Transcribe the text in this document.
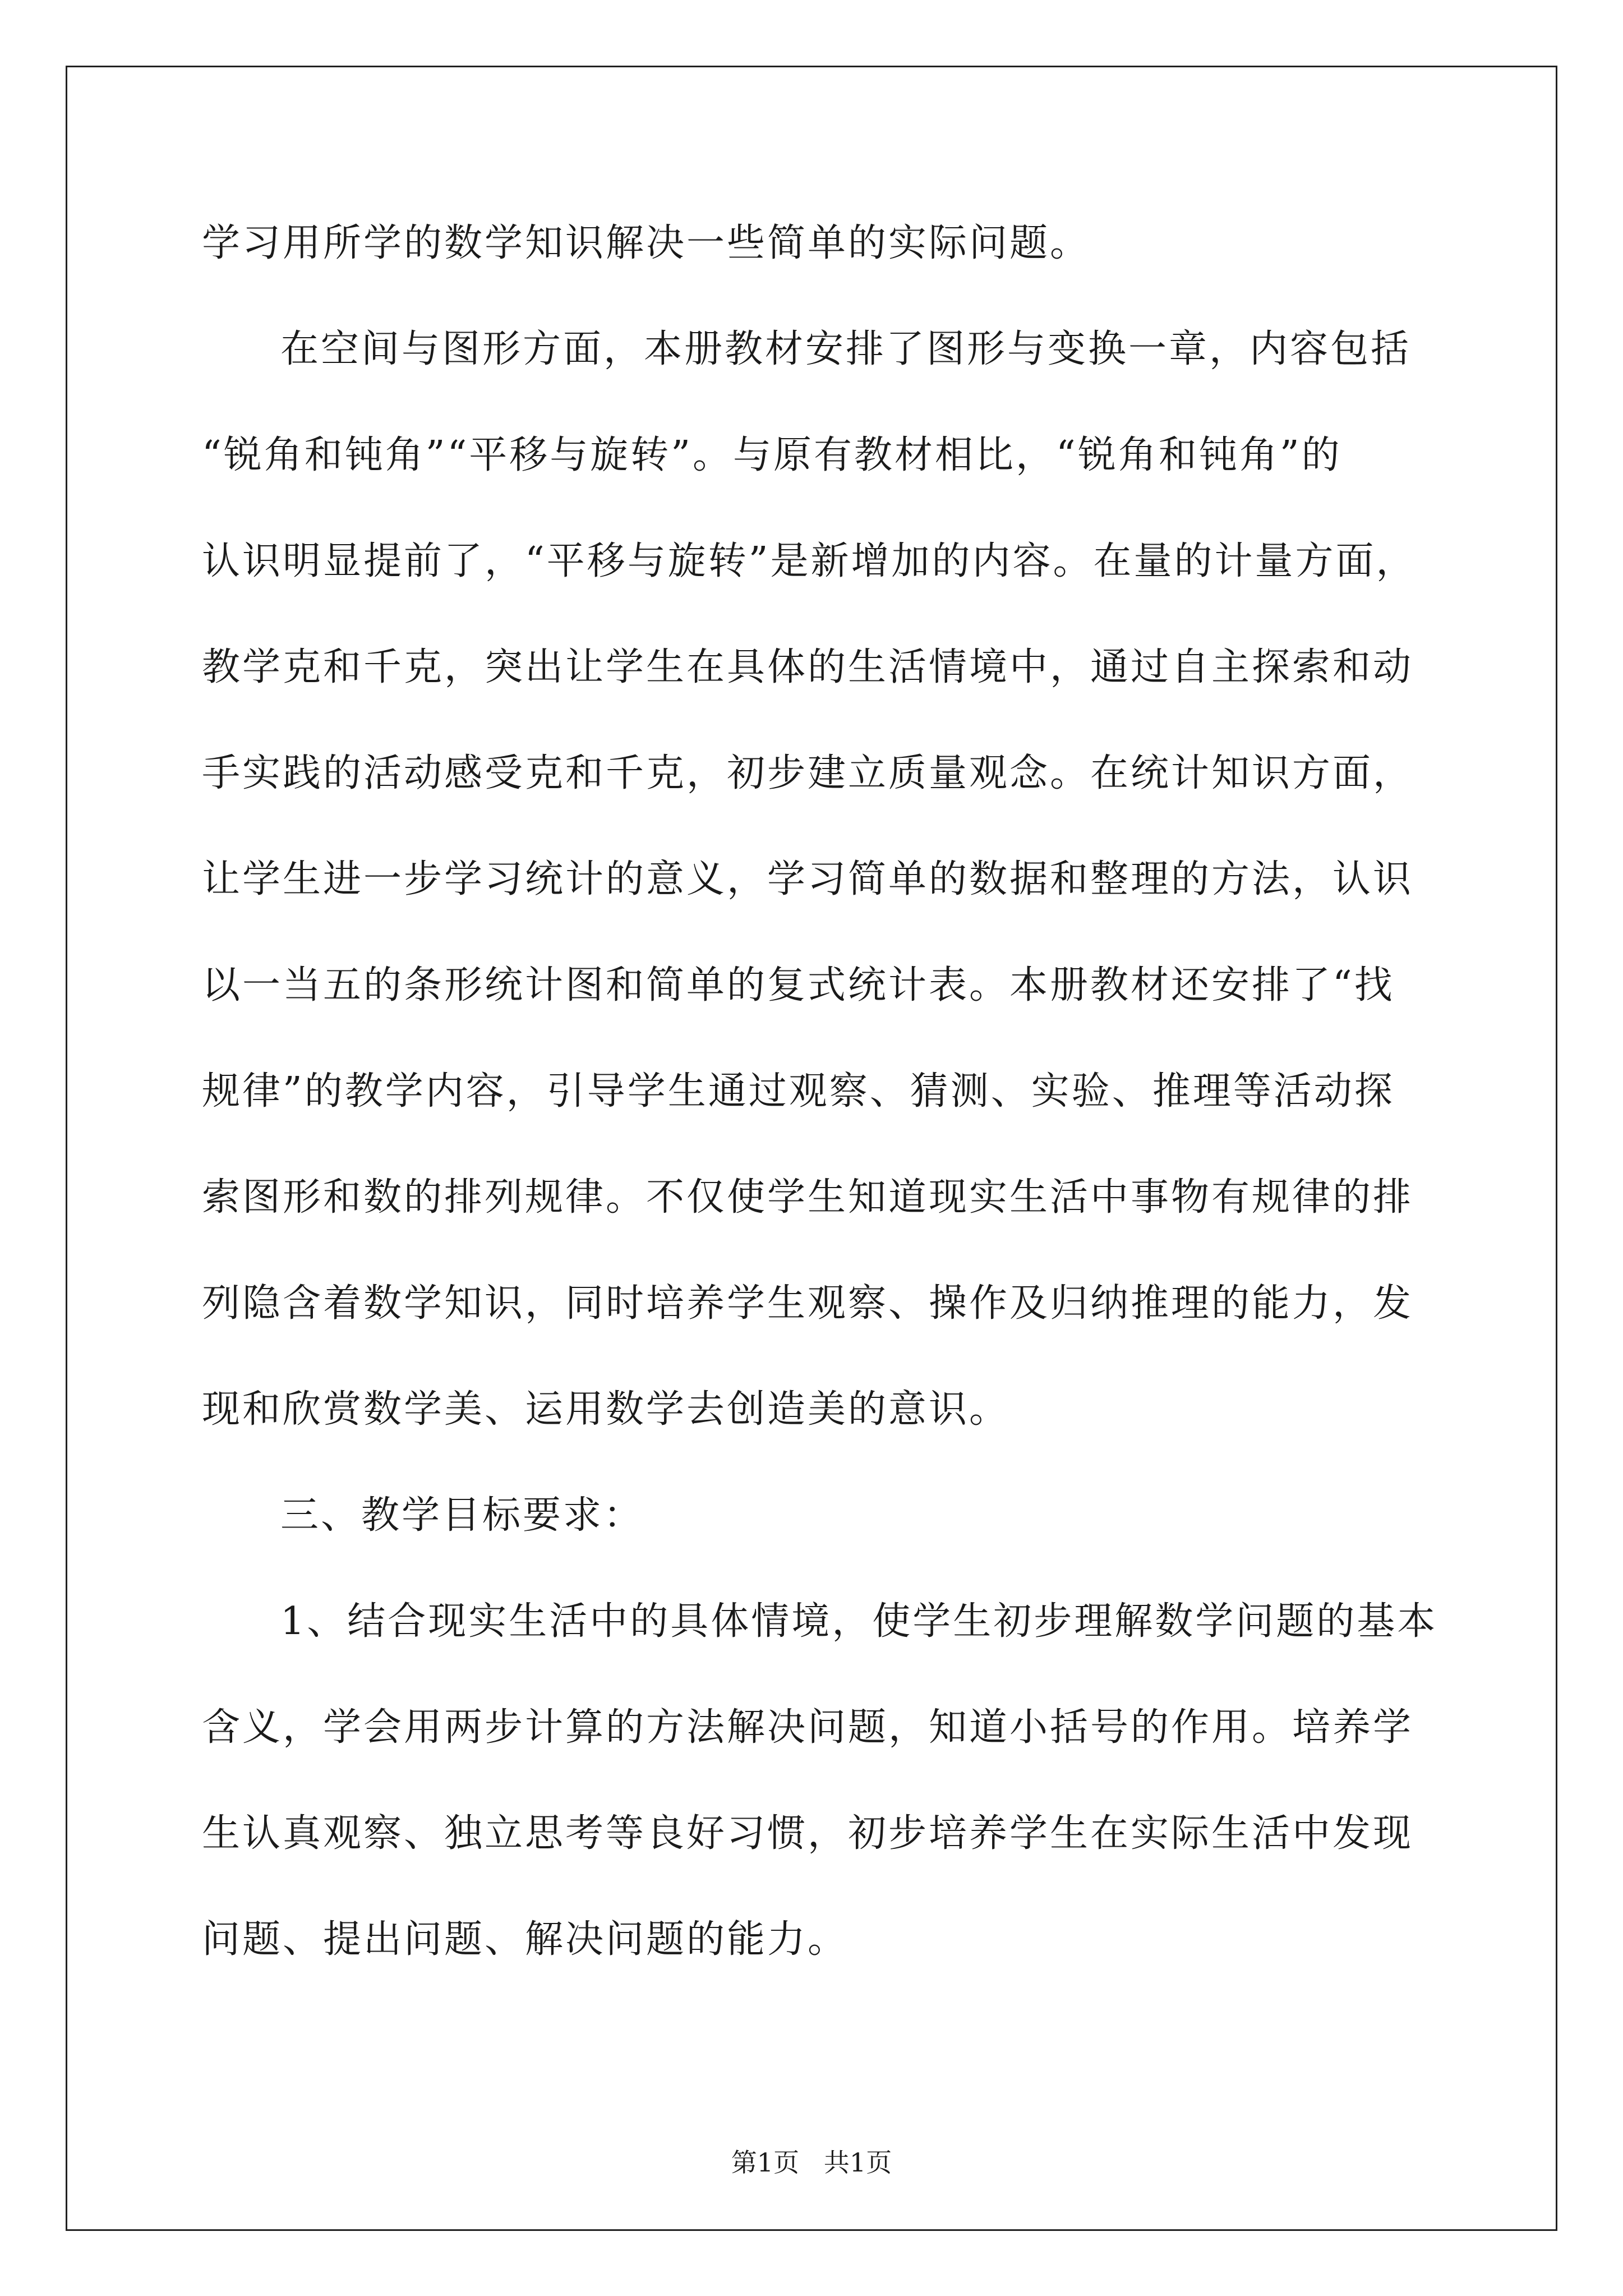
学习用所学的数学知识解决一些简单的实际问题。
在空间与图形方面，本册教材安排了图形与变换一章，内容包括
“锐角和钝角”“平移与旋转”。与原有教材相比，“锐角和钝角”的
认识明显提前了，“平移与旋转”是新增加的内容。在量的计量方面，
教学克和千克，突出让学生在具体的生活情境中，通过自主探索和动
手实践的活动感受克和千克，初步建立质量观念。在统计知识方面，
让学生进一步学习统计的意义，学习简单的数据和整理的方法，认识
以一当五的条形统计图和简单的复式统计表。本册教材还安排了“找
规律”的教学内容，引导学生通过观察、猜测、实验、推理等活动探
索图形和数的排列规律。不仅使学生知道现实生活中事物有规律的排
列隐含着数学知识，同时培养学生观察、操作及归纳推理的能力，发
现和欣赏数学美、运用数学去创造美的意识。
三、教学目标要求：
1、结合现实生活中的具体情境，使学生初步理解数学问题的基本
含义，学会用两步计算的方法解决问题，知道小括号的作用。培养学
生认真观察、独立思考等良好习惯，初步培养学生在实际生活中发现
问题、提出问题、解决问题的能力。
第1页   共1页
